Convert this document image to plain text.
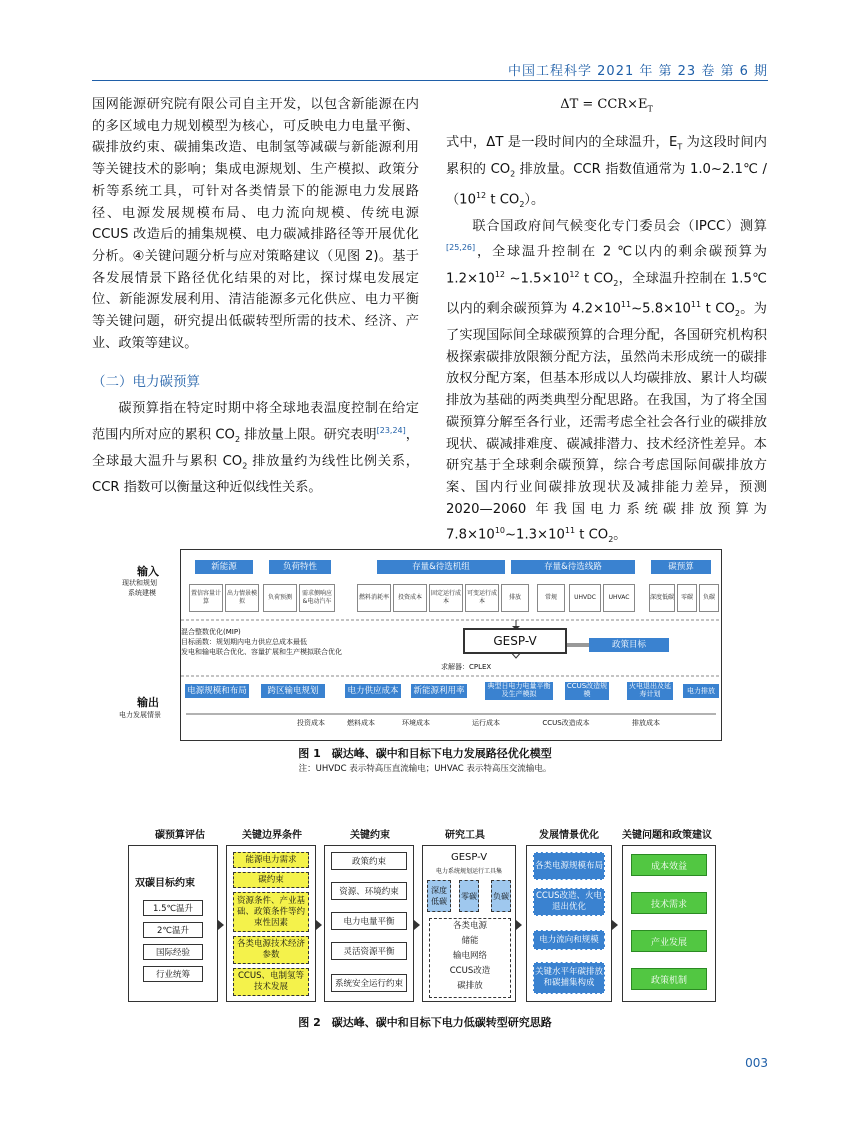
中国工程科学 2021 年 第 23 卷 第 6 期

国网能源研究院有限公司自主开发，以包含新能源在内的多区域电力规划模型为核心，可反映电力电量平衡、碳排放约束、碳捕集改造、电制氢等减碳与新能源利用等关键技术的影响；集成电源规划、生产模拟、政策分析等系统工具，可针对各类情景下的能源电力发展路径、电源发展规模布局、电力流向规模、传统电源 CCUS 改造后的捕集规模、电力碳减排路径等开展优化分析。④关键问题分析与应对策略建议（见图 2)。基于各发展情景下路径优化结果的对比，探讨煤电发展定位、新能源发展利用、清洁能源多元化供应、电力平衡等关键问题，研究提出低碳转型所需的技术、经济、产业、政策等建议。

（二）电力碳预算

碳预算指在特定时期中将全球地表温度控制在给定范围内所对应的累积 $CO_2$ 排放量上限。研究表明[23,24]，全球最大温升与累积 $CO_2$ 排放量约为线性比例关系，CCR 指数可以衡量这种近似线性关系。

$\Delta T = CCR\times E_T$

式中，ΔT 是一段时间内的全球温升，$E_T$ 为这段时间内累积的 $CO_2$ 排放量。CCR 指数值通常为 1.0~2.1℃ $/(10^{12}$ t $CO_2$）。

联合国政府间气候变化专门委员会（IPCC）测算[25,26]，全球温升控制在 2 ℃以内的剩余碳预算为 $1.2\times 10^{12}$ $\sim 1.5\times 10^{12}$ t $CO_2$，全球温升控制在 1.5℃以内的剩余碳预算为 $4.2\times 10^{11}\sim 5.8\times 10^{11}$ t $CO_2$。为了实现国际间全球碳预算的合理分配，各国研究机构积极探索碳排放限额分配方法，虽然尚未形成统一的碳排放权分配方案，但基本形成以人均碳排放、累计人均碳排放为基础的两类典型分配思路。在我国，为了将全国碳预算分解至各行业，还需考虑全社会各行业的碳排放现状、碳减排难度、碳减排潜力、技术经济性差异。本研究基于全球剩余碳预算，综合考虑国际间碳排放方案、国内行业间碳排放现状及减排能力差异，预测 2020—2060 年我国电力系统碳排放预算为 $7.8\times 10^{10}\sim 1.3\times 10^{11}$ t $CO_2$。

输入
现状和规划
系统建模
输出
电力发展情景
新能源	负荷特性	存量&待选机组	存量&待选线路	碳预算
置信容量计算
出力情景模拟
负荷预测
需求侧响应&电动汽车
燃料消耗率	投资成本
固定运行成本
可变运行成本
排放	常规	UHVDC	UHVAC	深度低碳	零碳	负碳
混合整数优化(MIP)
目标函数：规划期内电力供应总成本最低
发电和输电联合优化、容量扩展和生产模拟联合优化
GESP-V	政策目标
求解器：CPLEX
电源规模和布局	跨区输电规划	电力供应成本 新能源利用率	典型日电力电量平衡及生产模拟
CCUS改造规模
火电退出及延寿计划	电力排放
投资成本	燃料成本	环境成本	运行成本	CCUS改造成本	排放成本
图 1　碳达峰、碳中和目标下电力发展路径优化模型
注：UHVDC 表示特高压直流输电；UHVAC 表示特高压交流输电。
碳预算评估	关键边界条件	关键约束	研究工具	发展情景优化	关键问题和政策建议
双碳目标约束
1.5℃温升
2℃温升
国际经验
行业统筹
能源电力需求
碳约束
资源条件、产业基础、政策条件等约束性因素
各类电源技术经济参数
CCUS、电制氢等技术发展
政策约束
资源、环境约束
电力电量平衡
灵活资源平衡
系统安全运行约束
GESP-V
电力系统规划运行工具集
深度低碳
零碳 负碳
各类电源
储能
输电网络
CCUS改造
碳排放
各类电源规模布局
CCUS改造、火电退出优化
电力流向和规模
关键水平年碳排放和碳捕集构成
成本效益
技术需求
产业发展
政策机制
图 2　碳达峰、碳中和目标下电力低碳转型研究思路
003
